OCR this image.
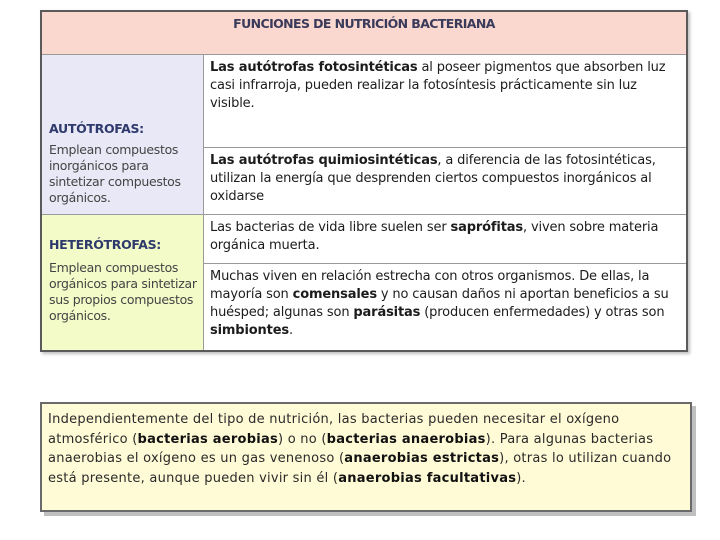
FUNCIONES DE NUTRICIÓN BACTERIANA
AUTÓTROFAS:
Emplean compuestos inorgánicos para sintetizar compuestos orgánicos.
HETERÓTROFAS:
Emplean compuestos orgánicos para sintetizar sus propios compuestos orgánicos.
Las autótrofas fotosintéticas al poseer pigmentos que absorben luz casi infrarroja, pueden realizar la fotosíntesis prácticamente sin luz visible.
Las autótrofas quimiosintéticas, a diferencia de las fotosintéticas, utilizan la energía que desprenden ciertos compuestos inorgánicos al oxidarse
Las bacterias de vida libre suelen ser saprófitas, viven sobre materia orgánica muerta.
Muchas viven en relación estrecha con otros organismos. De ellas, la mayoría son comensales y no causan daños ni aportan beneficios a su huésped; algunas son parásitas (producen enfermedades) y otras son simbiontes.
Independientemente del tipo de nutrición, las bacterias pueden necesitar el oxígeno atmosférico (bacterias aerobias) o no (bacterias anaerobias). Para algunas bacterias anaerobias el oxígeno es un gas venenoso (anaerobias estrictas), otras lo utilizan cuando está presente, aunque pueden vivir sin él (anaerobias facultativas).
